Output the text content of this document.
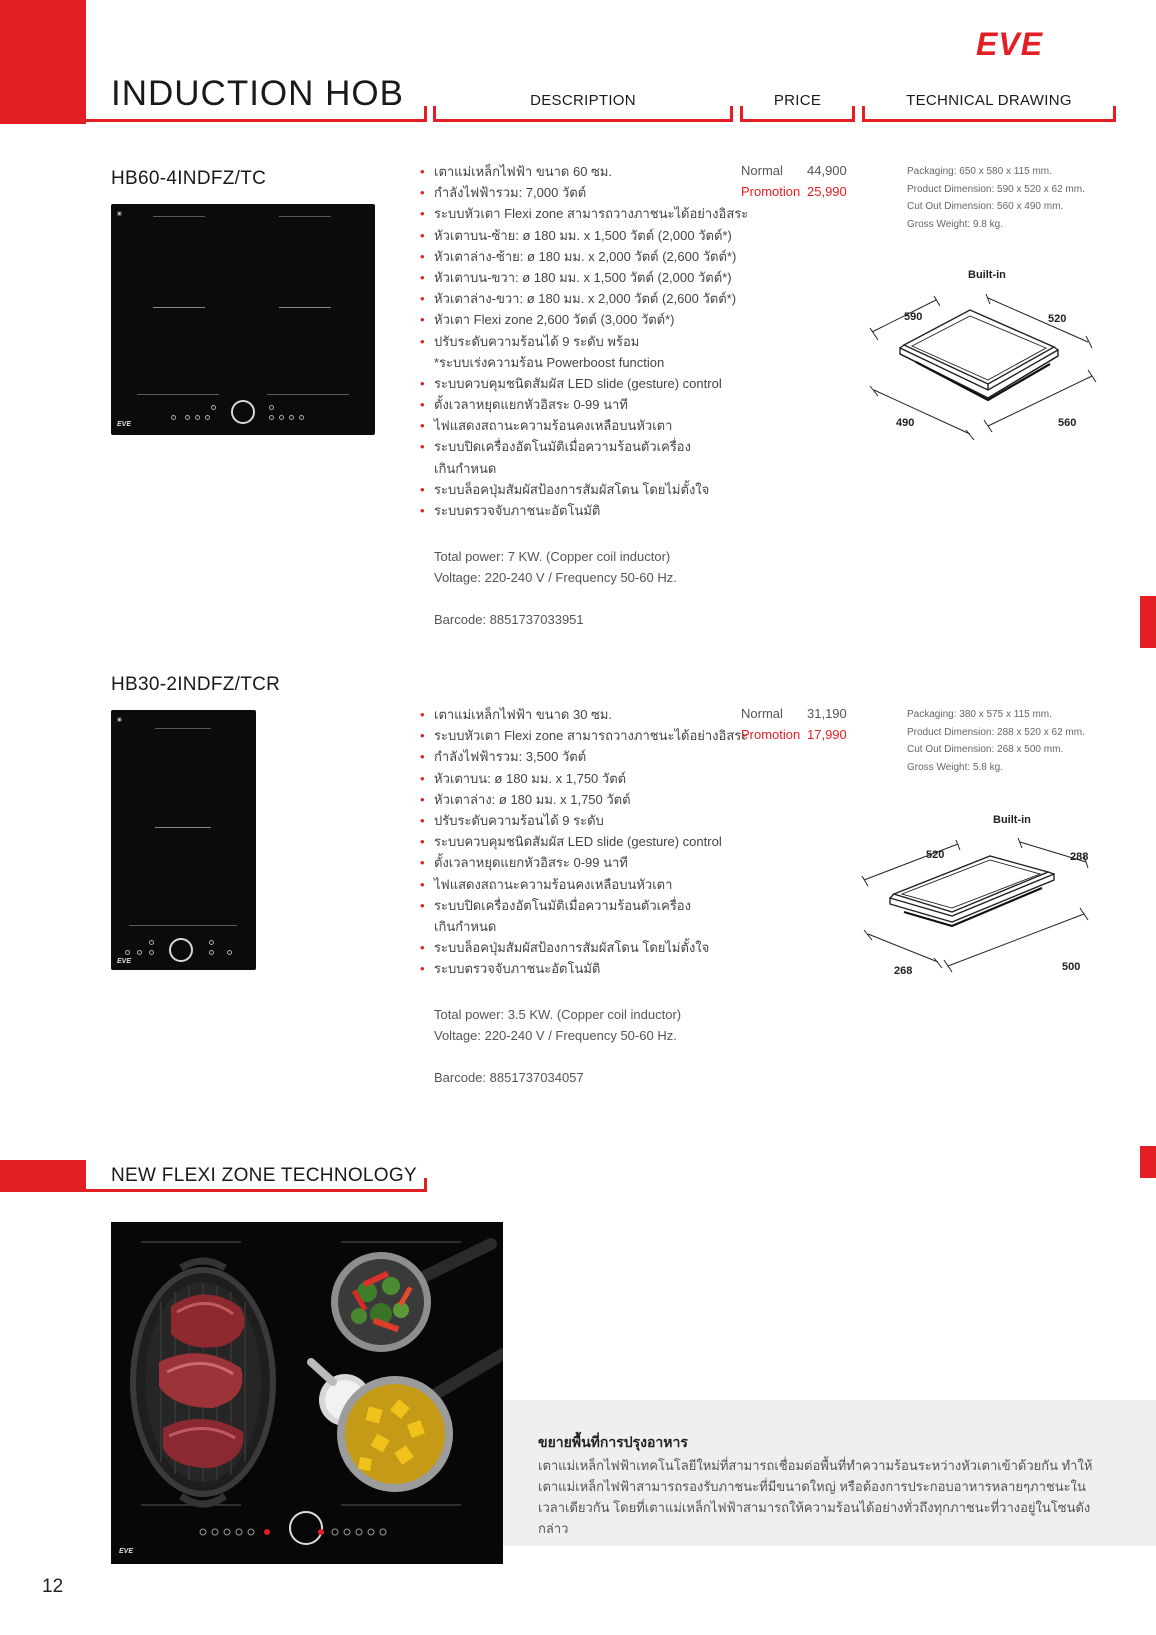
EVE
INDUCTION HOB	DESCRIPTION	PRICE	TECHNICAL DRAWING
HB60-4INDFZ/TC
▣
EVE
• เตาแม่เหล็กไฟฟ้า ขนาด 60 ซม.
• กำลังไฟฟ้ารวม: 7,000 วัตต์
• ระบบหัวเตา Flexi zone สามารถวางภาชนะได้อย่างอิสระ
• หัวเตาบน-ซ้าย: ø 180 มม. x 1,500 วัตต์ (2,000 วัตต์*)
• หัวเตาล่าง-ซ้าย: ø 180 มม. x 2,000 วัตต์ (2,600 วัตต์*)
• หัวเตาบน-ขวา: ø 180 มม. x 1,500 วัตต์ (2,000 วัตต์*)
• หัวเตาล่าง-ขวา: ø 180 มม. x 2,000 วัตต์ (2,600 วัตต์*)
• หัวเตา Flexi zone 2,600 วัตต์ (3,000 วัตต์*)
• ปรับระดับความร้อนได้ 9 ระดับ พร้อม
*ระบบเร่งความร้อน Powerboost function
• ระบบควบคุมชนิดสัมผัส LED slide (gesture) control
• ตั้งเวลาหยุดแยกหัวอิสระ 0-99 นาที
• ไฟแสดงสถานะความร้อนคงเหลือบนหัวเตา
• ระบบปิดเครื่องอัตโนมัติเมื่อความร้อนตัวเครื่อง
เกินกำหนด
• ระบบล็อคปุ่มสัมผัสป้องการสัมผัสโดน โดยไม่ตั้งใจ
• ระบบตรวจจับภาชนะอัตโนมัติ
Total power: 7 KW. (Copper coil inductor)
Voltage: 220-240 V / Frequency 50-60 Hz.
Barcode: 8851737033951
Normal 44,900
Promotion 25,990
Packaging: 650 x 580 x 115 mm.
Product Dimension: 590 x 520 x 62 mm.
Cut Out Dimension: 560 x 490 mm.
Gross Weight: 9.8 kg.
Built-in
590	520
490	560
HB30-2INDFZ/TCR
▣
EVE
• เตาแม่เหล็กไฟฟ้า ขนาด 30 ซม.
• ระบบหัวเตา Flexi zone สามารถวางภาชนะได้อย่างอิสระ
• กำลังไฟฟ้ารวม: 3,500 วัตต์
• หัวเตาบน: ø 180 มม. x 1,750 วัตต์
• หัวเตาล่าง: ø 180 มม. x 1,750 วัตต์
• ปรับระดับความร้อนได้ 9 ระดับ
• ระบบควบคุมชนิดสัมผัส LED slide (gesture) control
• ตั้งเวลาหยุดแยกหัวอิสระ 0-99 นาที
• ไฟแสดงสถานะความร้อนคงเหลือบนหัวเตา
• ระบบปิดเครื่องอัตโนมัติเมื่อความร้อนตัวเครื่อง
เกินกำหนด
• ระบบล็อคปุ่มสัมผัสป้องการสัมผัสโดน โดยไม่ตั้งใจ
• ระบบตรวจจับภาชนะอัตโนมัติ
Total power: 3.5 KW. (Copper coil inductor)
Voltage: 220-240 V / Frequency 50-60 Hz.
Barcode: 8851737034057
Normal 31,190
Promotion 17,990
Packaging: 380 x 575 x 115 mm.
Product Dimension: 288 x 520 x 62 mm.
Cut Out Dimension: 268 x 500 mm.
Gross Weight: 5.8 kg.
Built-in
520	288
268	500
NEW FLEXI ZONE TECHNOLOGY
EVE
ขยายพื้นที่การปรุงอาหาร
เตาแม่เหล็กไฟฟ้าเทคโนโลยีใหม่ที่สามารถเชื่อมต่อพื้นที่ทำความร้อนระหว่างหัวเตาเข้าด้วยกัน ทำให้เตาแม่เหล็กไฟฟ้าสามารถรองรับภาชนะที่มีขนาดใหญ่ หรือต้องการประกอบอาหารหลายๆภาชนะในเวลาเดียวกัน โดยที่เตาแม่เหล็กไฟฟ้าสามารถให้ความร้อนได้อย่างทั่วถึงทุกภาชนะที่วางอยู่ในโซนดังกล่าว
12
